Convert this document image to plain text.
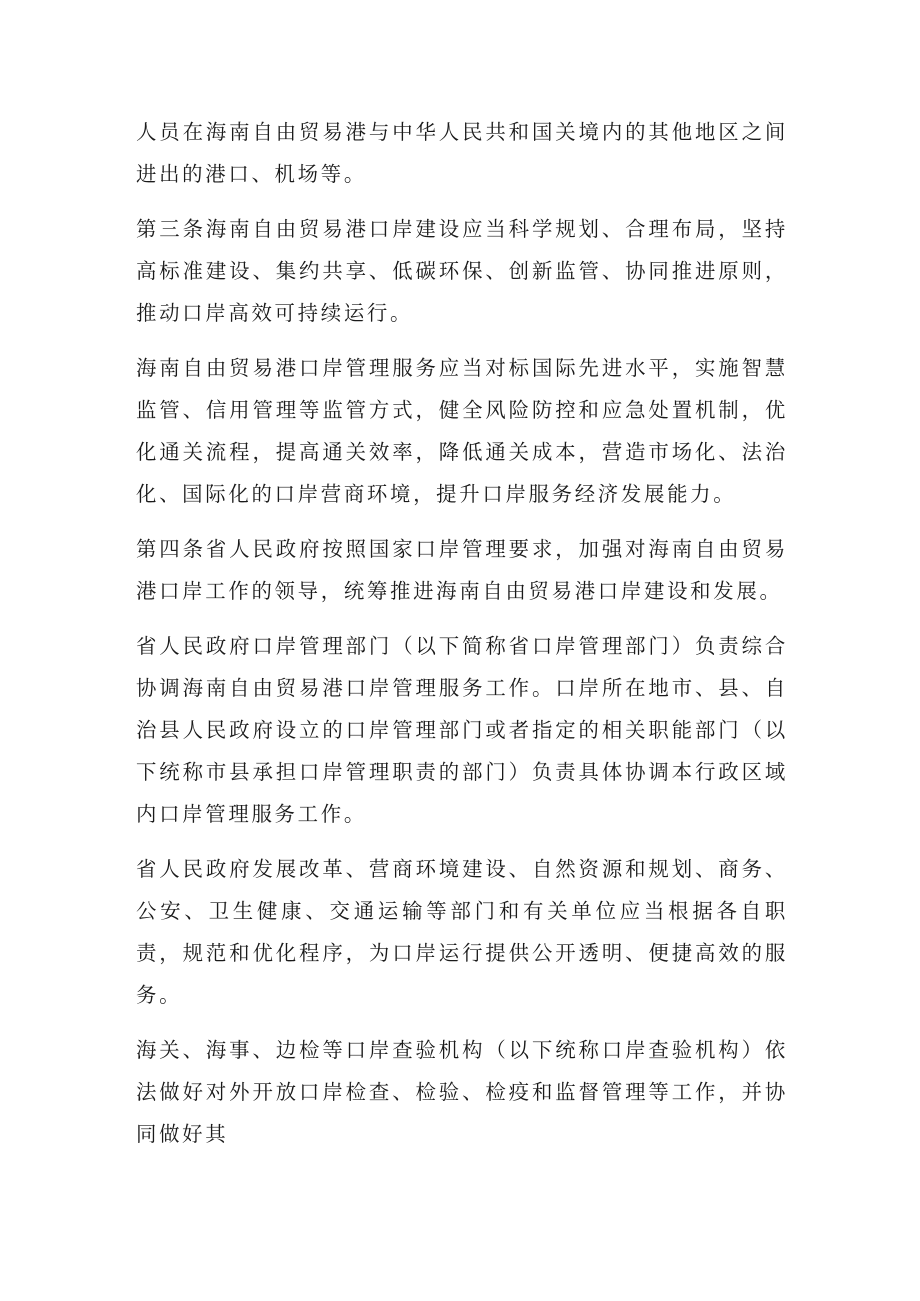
人员在海南自由贸易港与中华人民共和国关境内的其他地区之间进出的港口、机场等。

第三条海南自由贸易港口岸建设应当科学规划、合理布局，坚持高标准建设、集约共享、低碳环保、创新监管、协同推进原则，推动口岸高效可持续运行。

海南自由贸易港口岸管理服务应当对标国际先进水平，实施智慧监管、信用管理等监管方式，健全风险防控和应急处置机制，优化通关流程，提高通关效率，降低通关成本，营造市场化、法治化、国际化的口岸营商环境，提升口岸服务经济发展能力。

第四条省人民政府按照国家口岸管理要求，加强对海南自由贸易港口岸工作的领导，统筹推进海南自由贸易港口岸建设和发展。

省人民政府口岸管理部门（以下简称省口岸管理部门）负责综合协调海南自由贸易港口岸管理服务工作。口岸所在地市、县、自治县人民政府设立的口岸管理部门或者指定的相关职能部门（以下统称市县承担口岸管理职责的部门）负责具体协调本行政区域内口岸管理服务工作。

省人民政府发展改革、营商环境建设、自然资源和规划、商务、公安、卫生健康、交通运输等部门和有关单位应当根据各自职责，规范和优化程序，为口岸运行提供公开透明、便捷高效的服务。

海关、海事、边检等口岸查验机构（以下统称口岸查验机构）依法做好对外开放口岸检查、检验、检疫和监督管理等工作，并协同做好其
